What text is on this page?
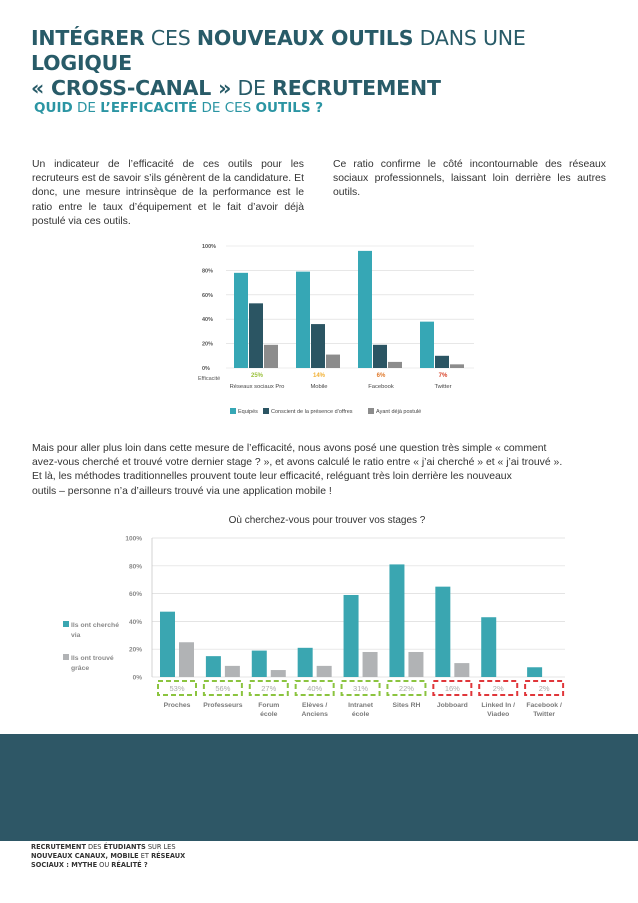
INTÉGRER CES NOUVEAUX OUTILS DANS UNE LOGIQUE
« CROSS-CANAL » DE RECRUTEMENT
QUID DE L’EFFICACITÉ DE CES OUTILS ?
Un indicateur de l’efficacité de ces outils pour les recruteurs est de savoir s’ils génèrent de la candidature. Et donc, une mesure intrinsèque de la performance est le ratio entre le taux d’équipement et le fait d’avoir déjà postulé via ces outils.
Ce ratio confirme le côté incontournable des réseaux sociaux professionnels, laissant loin derrière les autres outils.
100%
80%
60%
40%
20%
0%
25%
Réseaux sociaux Pro
14%
Mobile
6%
Facebook
7%
Twitter
Efficacité
Equipés Conscient de la présence d’offres	Ayant déjà postulé
Mais pour aller plus loin dans cette mesure de l’efficacité, nous avons posé une question très simple « comment
avez-vous cherché et trouvé votre dernier stage ? », et avons calculé le ratio entre « j’ai cherché » et « j’ai trouvé ».
Et là, les méthodes traditionnelles prouvent toute leur efficacité, reléguant très loin derrière les nouveaux
outils – personne n’a d’ailleurs trouvé via une application mobile !
Où cherchez-vous pour trouver vos stages ?
100%
80%
60%
40%
20%
0%
53%
Proches
56%
Professeurs
27%
Forum
école
40%
Elèves /
Anciens
31%
Intranet
école
22%
Sites RH
16%
Jobboard
2%
Linked In /
Viadeo
2%
Facebook /
Twitter
Ils ont cherché
via
Ils ont trouvé
grâce
RECRUTEMENT DES ÉTUDIANTS SUR LES
NOUVEAUX CANAUX, MOBILE ET RÉSEAUX
SOCIAUX : MYTHE OU RÉALITÉ ?
